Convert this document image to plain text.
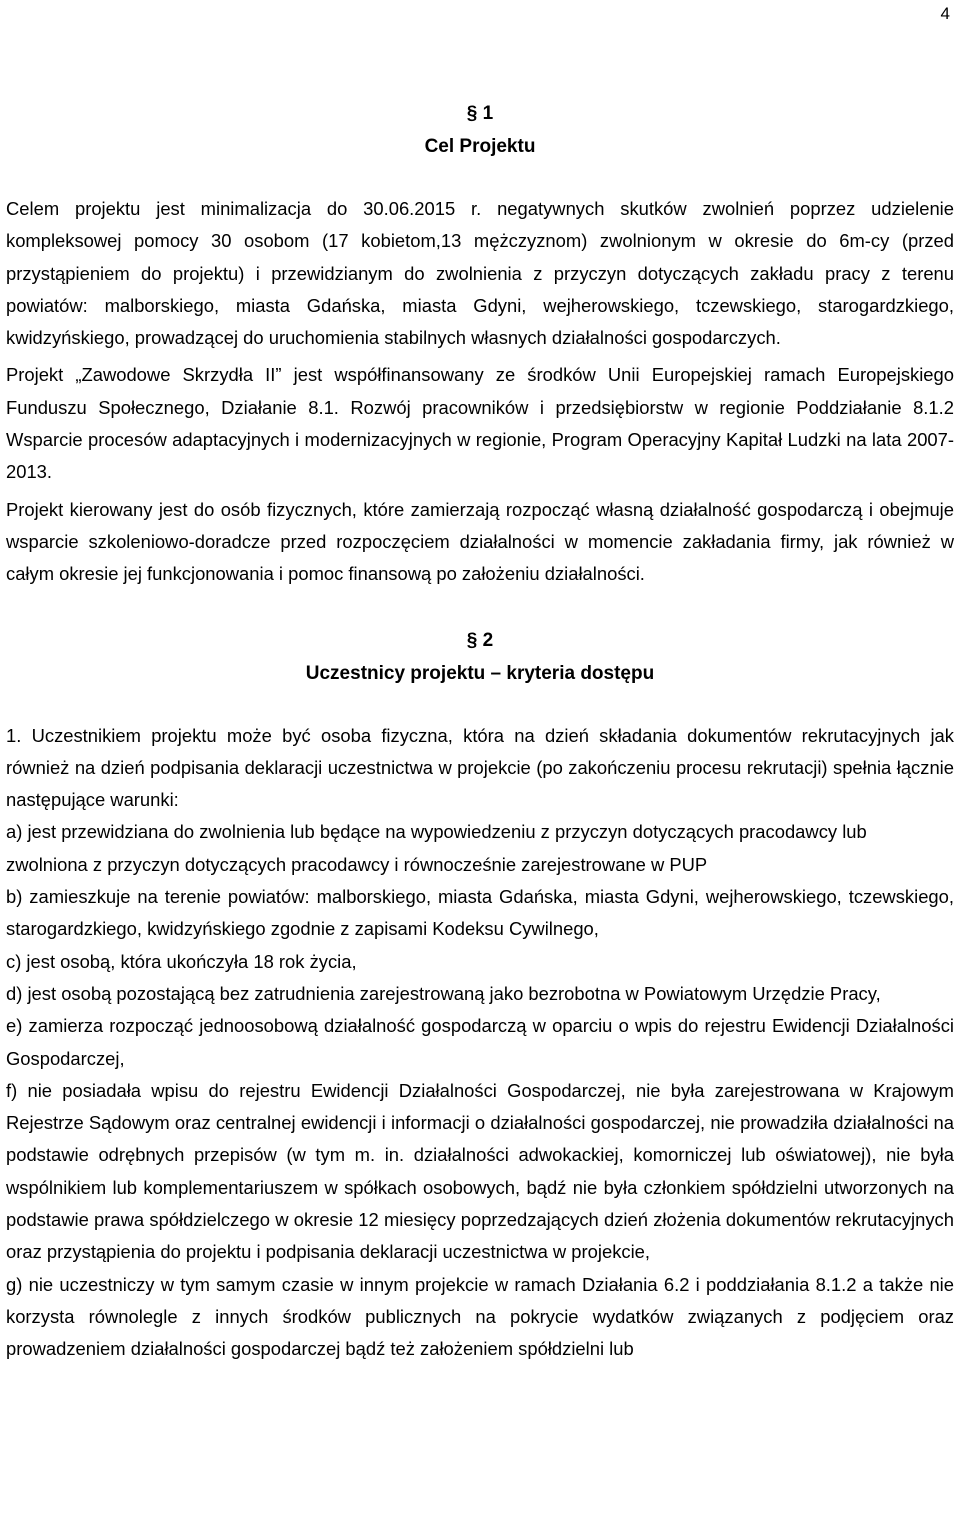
4
§ 1
Cel Projektu

Celem projektu jest minimalizacja do 30.06.2015 r. negatywnych skutków zwolnień poprzez udzielenie kompleksowej pomocy 30 osobom (17 kobietom,13 mężczyznom) zwolnionym w okresie do 6m-cy (przed przystąpieniem do projektu) i przewidzianym do zwolnienia z przyczyn dotyczących zakładu pracy z terenu powiatów: malborskiego, miasta Gdańska, miasta Gdyni, wejherowskiego, tczewskiego, starogardzkiego, kwidzyńskiego, prowadzącej do uruchomienia stabilnych własnych działalności gospodarczych.

Projekt „Zawodowe Skrzydła II” jest współfinansowany ze środków Unii Europejskiej ramach Europejskiego Funduszu Społecznego, Działanie 8.1. Rozwój pracowników i przedsiębiorstw w regionie Poddziałanie 8.1.2 Wsparcie procesów adaptacyjnych i modernizacyjnych w regionie, Program Operacyjny Kapitał Ludzki na lata 2007-2013.

Projekt kierowany jest do osób fizycznych, które zamierzają rozpocząć własną działalność gospodarczą i obejmuje wsparcie szkoleniowo-doradcze przed rozpoczęciem działalności w momencie zakładania firmy, jak również w całym okresie jej funkcjonowania i pomoc finansową po założeniu działalności.

§ 2
Uczestnicy projektu – kryteria dostępu

1. Uczestnikiem projektu może być osoba fizyczna, która na dzień składania dokumentów rekrutacyjnych jak również na dzień podpisania deklaracji uczestnictwa w projekcie (po zakończeniu procesu rekrutacji) spełnia łącznie następujące warunki:

a) jest przewidziana do zwolnienia lub będące na wypowiedzeniu z przyczyn dotyczących pracodawcy lub

zwolniona z przyczyn dotyczących pracodawcy i równocześnie zarejestrowane w PUP

b) zamieszkuje na terenie powiatów: malborskiego, miasta Gdańska, miasta Gdyni, wejherowskiego, tczewskiego, starogardzkiego, kwidzyńskiego zgodnie z zapisami Kodeksu Cywilnego,

c) jest osobą, która ukończyła 18 rok życia,

d) jest osobą pozostającą bez zatrudnienia zarejestrowaną jako bezrobotna w Powiatowym Urzędzie Pracy,

e) zamierza rozpocząć jednoosobową działalność gospodarczą w oparciu o wpis do rejestru Ewidencji Działalności Gospodarczej,

f) nie posiadała wpisu do rejestru Ewidencji Działalności Gospodarczej, nie była zarejestrowana w Krajowym Rejestrze Sądowym oraz centralnej ewidencji i informacji o działalności gospodarczej, nie prowadziła działalności na podstawie odrębnych przepisów (w tym m. in. działalności adwokackiej, komorniczej lub oświatowej), nie była wspólnikiem lub komplementariuszem w spółkach osobowych, bądź nie była członkiem spółdzielni utworzonych na podstawie prawa spółdzielczego w okresie 12 miesięcy poprzedzających dzień złożenia dokumentów rekrutacyjnych oraz przystąpienia do projektu i podpisania deklaracji uczestnictwa w projekcie,

g) nie uczestniczy w tym samym czasie w innym projekcie w ramach Działania 6.2 i poddziałania 8.1.2 a także nie korzysta równolegle z innych środków publicznych na pokrycie wydatków związanych z podjęciem oraz prowadzeniem działalności gospodarczej bądź też założeniem spółdzielni lub
